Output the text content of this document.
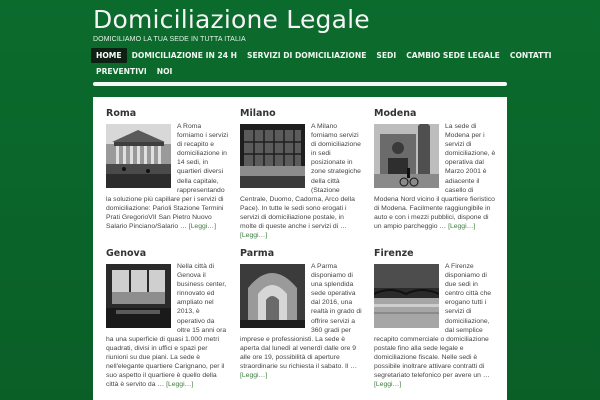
Domiciliazione Legale
DOMICILIAMO LA TUA SEDE IN TUTTA ITALIA
HOME	DOMICILIAZIONE IN 24 H	SERVIZI DI DOMICILIAZIONE	SEDI	CAMBIO SEDE LEGALE	CONTATTI
PREVENTIVI	NOI
Roma
A Roma forniamo i servizi di recapito e domiciliazione in 14 sedi, in quartieri diversi della capitale, rappresentando la soluzione più capillare per i servizi di domiciliazione: Parioli Stazione Termini Prati GregorioVII San Pietro Nuovo Salario Pinciano/Salario … [Leggi…]
Milano
A Milano forniamo servizi di domiciliazione in sedi posizionate in zone strategiche della città (Stazione Centrale, Duomo, Cadorna, Arco della Pace). In tutte le sedi sono erogati i servizi di domiciliazione postale, in molte di queste anche i servizi di … [Leggi…]
Modena
La sede di Modena per i servizi di domiciliazione, è operativa dal Marzo 2001 è adiacente il casello di Modena Nord vicino il quartiere fieristico di Modena. Facilmente raggiungibile in auto e con i mezzi pubblici, dispone di un ampio parcheggio … [Leggi…]
Genova
Nella città di Genova il business center, rinnovato ed ampliato nel 2013, è operativo da oltre 15 anni ora ha una superficie di quasi 1.000 metri quadrati, divisi in uffici e spazi per riunioni su due piani. La sede è nell'elegante quartiere Carignano, per il suo aspetto il quartiere è quello della città è servito da … [Leggi…]
Parma
A Parma disponiamo di una splendida sede operativa dal 2016, una realtà in grado di offrire servizi a 360 gradi per imprese e professionisti. La sede è aperta dal lunedì al venerdì dalle ore 9 alle ore 19, possibilità di aperture straordinarie su richiesta il sabato. Il … [Leggi…]
Firenze
A Firenze disponiamo di due sedi in centro città che erogano tutti i servizi di domiciliazione, dal semplice recapito commerciale o domiciliazione postale fino alla sede legale e domiciliazione fiscale. Nelle sedi è possibile inoltrare attivare contratti di segretariato telefonico per avere un … [Leggi…]
